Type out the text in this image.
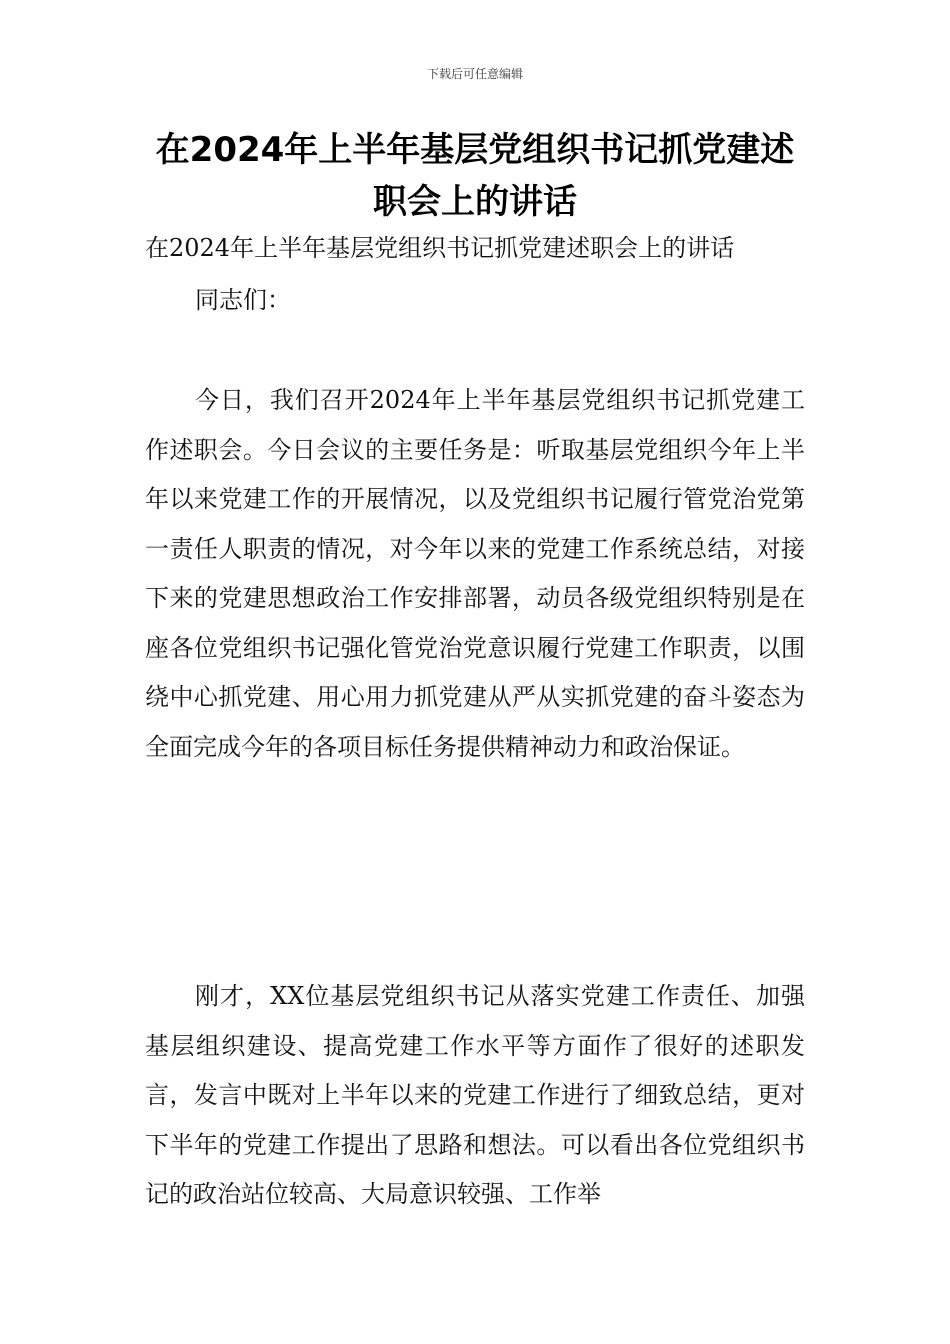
下载后可任意编辑
在2024年上半年基层党组织书记抓党建述职会上的讲话

在2024年上半年基层党组织书记抓党建述职会上的讲话

同志们：

今日，我们召开2024年上半年基层党组织书记抓党建工作述职会。今日会议的主要任务是：听取基层党组织今年上半年以来党建工作的开展情况，以及党组织书记履行管党治党第一责任人职责的情况，对今年以来的党建工作系统总结，对接下来的党建思想政治工作安排部署，动员各级党组织特别是在座各位党组织书记强化管党治党意识履行党建工作职责，以围绕中心抓党建、用心用力抓党建从严从实抓党建的奋斗姿态为全面完成今年的各项目标任务提供精神动力和政治保证。

刚才，XX位基层党组织书记从落实党建工作责任、加强基层组织建设、提高党建工作水平等方面作了很好的述职发言，发言中既对上半年以来的党建工作进行了细致总结，更对下半年的党建工作提出了思路和想法。可以看出各位党组织书记的政治站位较高、大局意识较强、工作举
